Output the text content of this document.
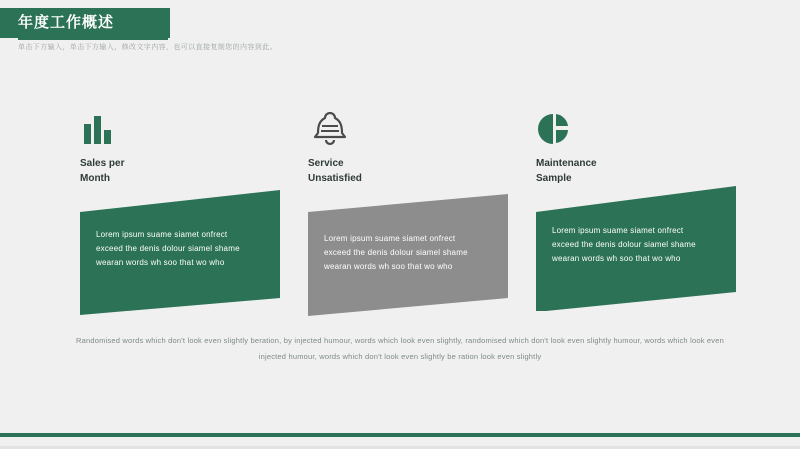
年度工作概述
单击下方输入，单击下方输入，修改文字内容，也可以直接复制您的内容到此。
Sales per
Month
Lorem ipsum suame siamet onfrect exceed the denis dolour siamel shame wearan words wh soo that wo who
Service
Unsatisfied
Lorem ipsum suame siamet onfrect exceed the denis dolour siamel shame wearan words wh soo that wo who
Maintenance
Sample
Lorem ipsum suame siamet onfrect exceed the denis dolour siamel shame wearan words wh soo that wo who
Randomised words which don't look even slightly beration, by injected humour, words which look even slightly, randomised which don't look even slightly humour, words which look even injected humour, words which don't look even slightly be ration look even slightly
